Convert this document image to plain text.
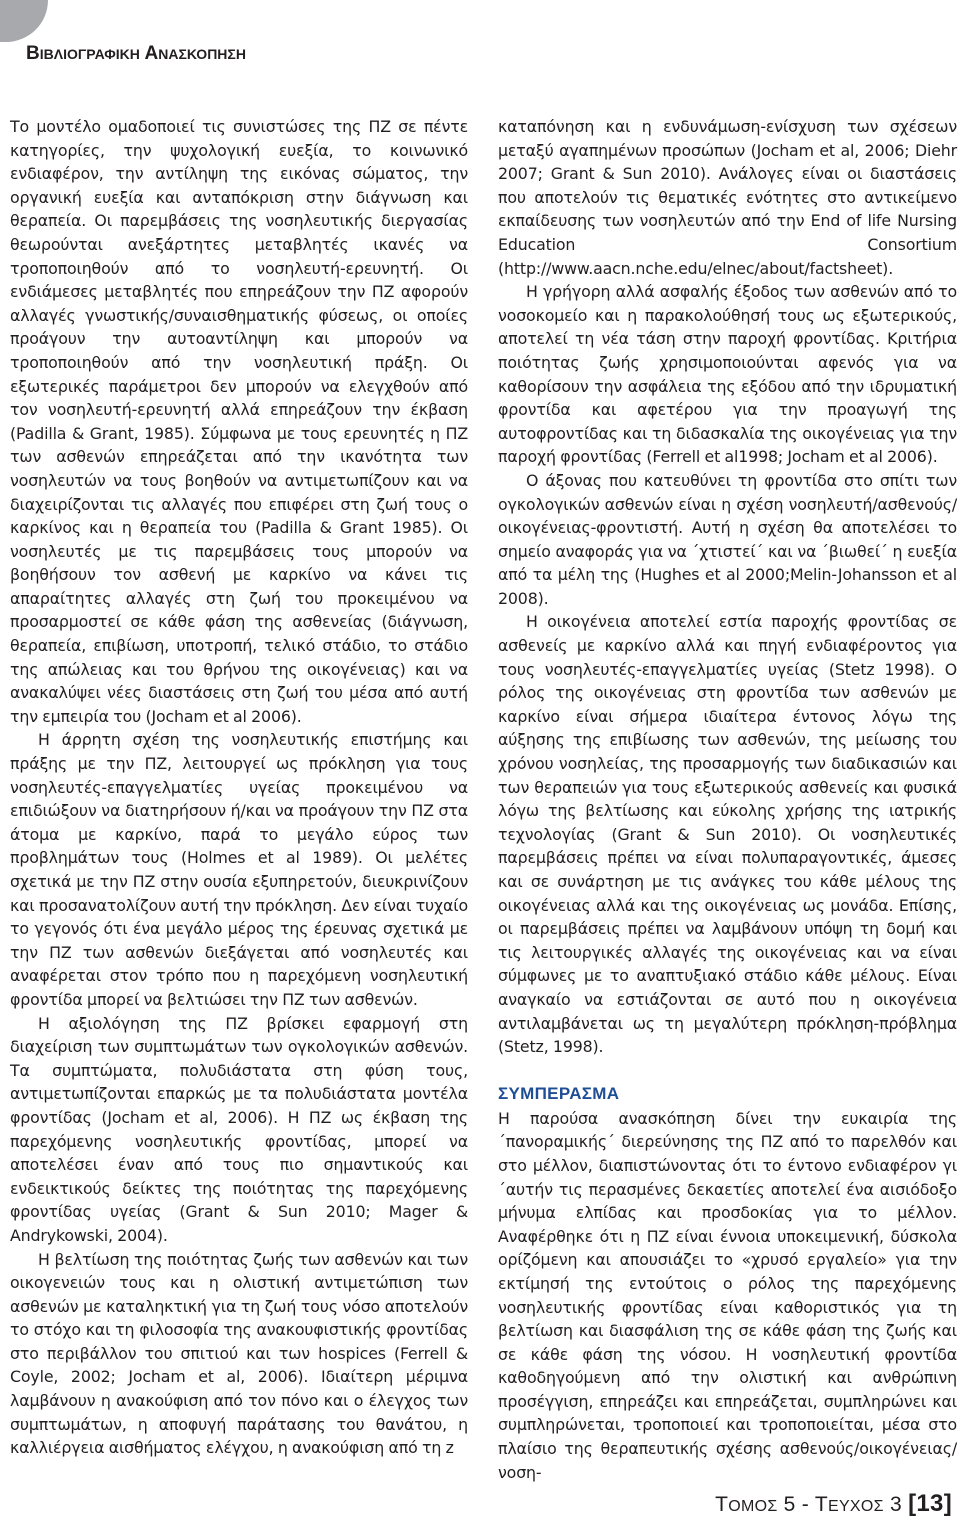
ΒΙΒΛΙΟΓΡΑΦΙΚΗ ΑΝΑΣΚΟΠΗΣΗ

Το μοντέλο ομαδοποιεί τις συνιστώσες της ΠΖ σε πέντε κατηγορίες, την ψυχολογική ευεξία, το κοινωνικό ενδιαφέρον, την αντίληψη της εικόνας σώματος, την οργανική ευεξία και ανταπόκριση στην διάγνωση και θεραπεία. Οι παρεμβάσεις της νοσηλευτικής διεργασίας θεωρούνται ανεξάρτητες μεταβλητές ικανές να τροποποιηθούν από το νοσηλευτή-ερευνητή. Οι ενδιάμεσες μεταβλητές που επηρεάζουν την ΠΖ αφορούν αλλαγές γνωστικής/συναισθηματικής φύσεως, οι οποίες προάγουν την αυτοαντίληψη και μπορούν να τροποποιηθούν από την νοσηλευτική πράξη. Οι εξωτερικές παράμετροι δεν μπορούν να ελεγχθούν από τον νοσηλευτή-ερευνητή αλλά επηρεάζουν την έκβαση (Padilla & Grant, 1985). Σύμφωνα με τους ερευνητές η ΠΖ των ασθενών επηρεάζεται από την ικανότητα των νοσηλευτών να τους βοηθούν να αντιμετωπίζουν και να διαχειρίζονται τις αλλαγές που επιφέρει στη ζωή τους ο καρκίνος και η θεραπεία του (Padilla & Grant 1985). Οι νοσηλευτές με τις παρεμβάσεις τους μπορούν να βοηθήσουν τον ασθενή με καρκίνο να κάνει τις απαραίτητες αλλαγές στη ζωή του προκειμένου να προσαρμοστεί σε κάθε φάση της ασθενείας (διάγνωση, θεραπεία, επιβίωση, υποτροπή, τελικό στάδιο, το στάδιο της απώλειας και του θρήνου της οικογένειας) και να ανακαλύψει νέες διαστάσεις στη ζωή του μέσα από αυτή την εμπειρία του (Jocham et al 2006).

Η άρρητη σχέση της νοσηλευτικής επιστήμης και πράξης με την ΠΖ, λειτουργεί ως πρόκληση για τους νοσηλευτές-επαγγελματίες υγείας προκειμένου να επιδιώξουν να διατηρήσουν ή/και να προάγουν την ΠΖ στα άτομα με καρκίνο, παρά το μεγάλο εύρος των προβλημάτων τους (Holmes et al 1989). Οι μελέτες σχετικά με την ΠΖ στην ουσία εξυπηρετούν, διευκρινίζουν και προσανατολίζουν αυτή την πρόκληση. Δεν είναι τυχαίο το γεγονός ότι ένα μεγάλο μέρος της έρευνας σχετικά με την ΠΖ των ασθενών διεξάγεται από νοσηλευτές και αναφέρεται στον τρόπο που η παρεχόμενη νοσηλευτική φροντίδα μπορεί να βελτιώσει την ΠΖ των ασθενών.

Η αξιολόγηση της ΠΖ βρίσκει εφαρμογή στη διαχείριση των συμπτωμάτων των ογκολογικών ασθενών. Τα συμπτώματα, πολυδιάστατα στη φύση τους, αντιμετωπίζονται επαρκώς με τα πολυδιάστατα μοντέλα φροντίδας (Jocham et al, 2006). Η ΠΖ ως έκβαση της παρεχόμενης νοσηλευτικής φροντίδας, μπορεί να αποτελέσει έναν από τους πιο σημαντικούς και ενδεικτικούς δείκτες της ποιότητας της παρεχόμενης φροντίδας υγείας (Grant & Sun 2010; Mager & Andrykowski, 2004).

Η βελτίωση της ποιότητας ζωής των ασθενών και των οικογενειών τους και η ολιστική αντιμετώπιση των ασθενών με καταληκτική για τη ζωή τους νόσο αποτελούν το στόχο και τη φιλοσοφία της ανακουφιστικής φροντίδας στο περιβάλλον του σπιτιού και των hospices (Ferrell & Coyle, 2002; Jocham et al, 2006). Ιδιαίτερη μέριμνα λαμβάνουν η ανακούφιση από τον πόνο και ο έλεγχος των συμπτωμάτων, η αποφυγή παράτασης του θανάτου, η καλλιέργεια αισθήματος ελέγχου, η ανακούφιση από τη z

καταπόνηση και η ενδυνάμωση-ενίσχυση των σχέσεων μεταξύ αγαπημένων προσώπων (Jocham et al, 2006; Diehr 2007; Grant & Sun 2010). Ανάλογες είναι οι διαστάσεις που αποτελούν τις θεματικές ενότητες στο αντικείμενο εκπαίδευσης των νοσηλευτών από την End of life Nursing Education Consortium (http://www.aacn.nche.edu/elnec/about/factsheet).

Η γρήγορη αλλά ασφαλής έξοδος των ασθενών από το νοσοκομείο και η παρακολούθησή τους ως εξωτερικούς, αποτελεί τη νέα τάση στην παροχή φροντίδας. Κριτήρια ποιότητας ζωής χρησιμοποιούνται αφενός για να καθορίσουν την ασφάλεια της εξόδου από την ιδρυματική φροντίδα και αφετέρου για την προαγωγή της αυτοφροντίδας και τη διδασκαλία της οικογένειας για την παροχή φροντίδας (Ferrell et al1998; Jocham et al 2006).

Ο άξονας που κατευθύνει τη φροντίδα στο σπίτι των ογκολογικών ασθενών είναι η σχέση νοσηλευτή/ασθενούς/οικογένειας-φροντιστή. Αυτή η σχέση θα αποτελέσει το σημείο αναφοράς για να ´χτιστεί´ και να ´βιωθεί´ η ευεξία από τα μέλη της (Hughes et al 2000;Melin-Johansson et al 2008).

Η οικογένεια αποτελεί εστία παροχής φροντίδας σε ασθενείς με καρκίνο αλλά και πηγή ενδιαφέροντος για τους νοσηλευτές-επαγγελματίες υγείας (Stetz 1998). Ο ρόλος της οικογένειας στη φροντίδα των ασθενών με καρκίνο είναι σήμερα ιδιαίτερα έντονος λόγω της αύξησης της επιβίωσης των ασθενών, της μείωσης του χρόνου νοσηλείας, της προσαρμογής των διαδικασιών και των θεραπειών για τους εξωτερικούς ασθενείς και φυσικά λόγω της βελτίωσης και εύκολης χρήσης της ιατρικής τεχνολογίας (Grant & Sun 2010). Οι νοσηλευτικές παρεμβάσεις πρέπει να είναι πολυπαραγοντικές, άμεσες και σε συνάρτηση με τις ανάγκες του κάθε μέλους της οικογένειας αλλά και της οικογένειας ως μονάδα. Επίσης, οι παρεμβάσεις πρέπει να λαμβάνουν υπόψη τη δομή και τις λειτουργικές αλλαγές της οικογένειας και να είναι σύμφωνες με το αναπτυξιακό στάδιο κάθε μέλους. Είναι αναγκαίο να εστιάζονται σε αυτό που η οικογένεια αντιλαμβάνεται ως τη μεγαλύτερη πρόκληση-πρόβλημα (Stetz, 1998).

ΣΥΜΠΕΡΑΣΜΑ

Η παρούσα ανασκόπηση δίνει την ευκαιρία της ´πανοραμικής´ διερεύνησης της ΠΖ από το παρελθόν και στο μέλλον, διαπιστώνοντας ότι το έντονο ενδιαφέρον γι´αυτήν τις περασμένες δεκαετίες αποτελεί ένα αισιόδοξο μήνυμα ελπίδας και προσδοκίας για το μέλλον. Αναφέρθηκε ότι η ΠΖ είναι έννοια υποκειμενική, δύσκολα ορίζόμενη και απουσιάζει το «χρυσό εργαλείο» για την εκτίμησή της εντούτοις ο ρόλος της παρεχόμενης νοσηλευτικής φροντίδας είναι καθοριστικός για τη βελτίωση και διασφάλιση της σε κάθε φάση της ζωής και σε κάθε φάση της νόσου. Η νοσηλευτική φροντίδα καθοδηγούμενη από την ολιστική και ανθρώπινη προσέγγιση, επηρεάζει και επηρεάζεται, συμπληρώνει και συμπληρώνεται, τροποποιεί και τροποποιείται, μέσα στο πλαίσιο της θεραπευτικής σχέσης ασθενούς/οικογένειας/νοση-

ΤΟΜΟΣ 5 - ΤΕΥΧΟΣ 3 [13]
